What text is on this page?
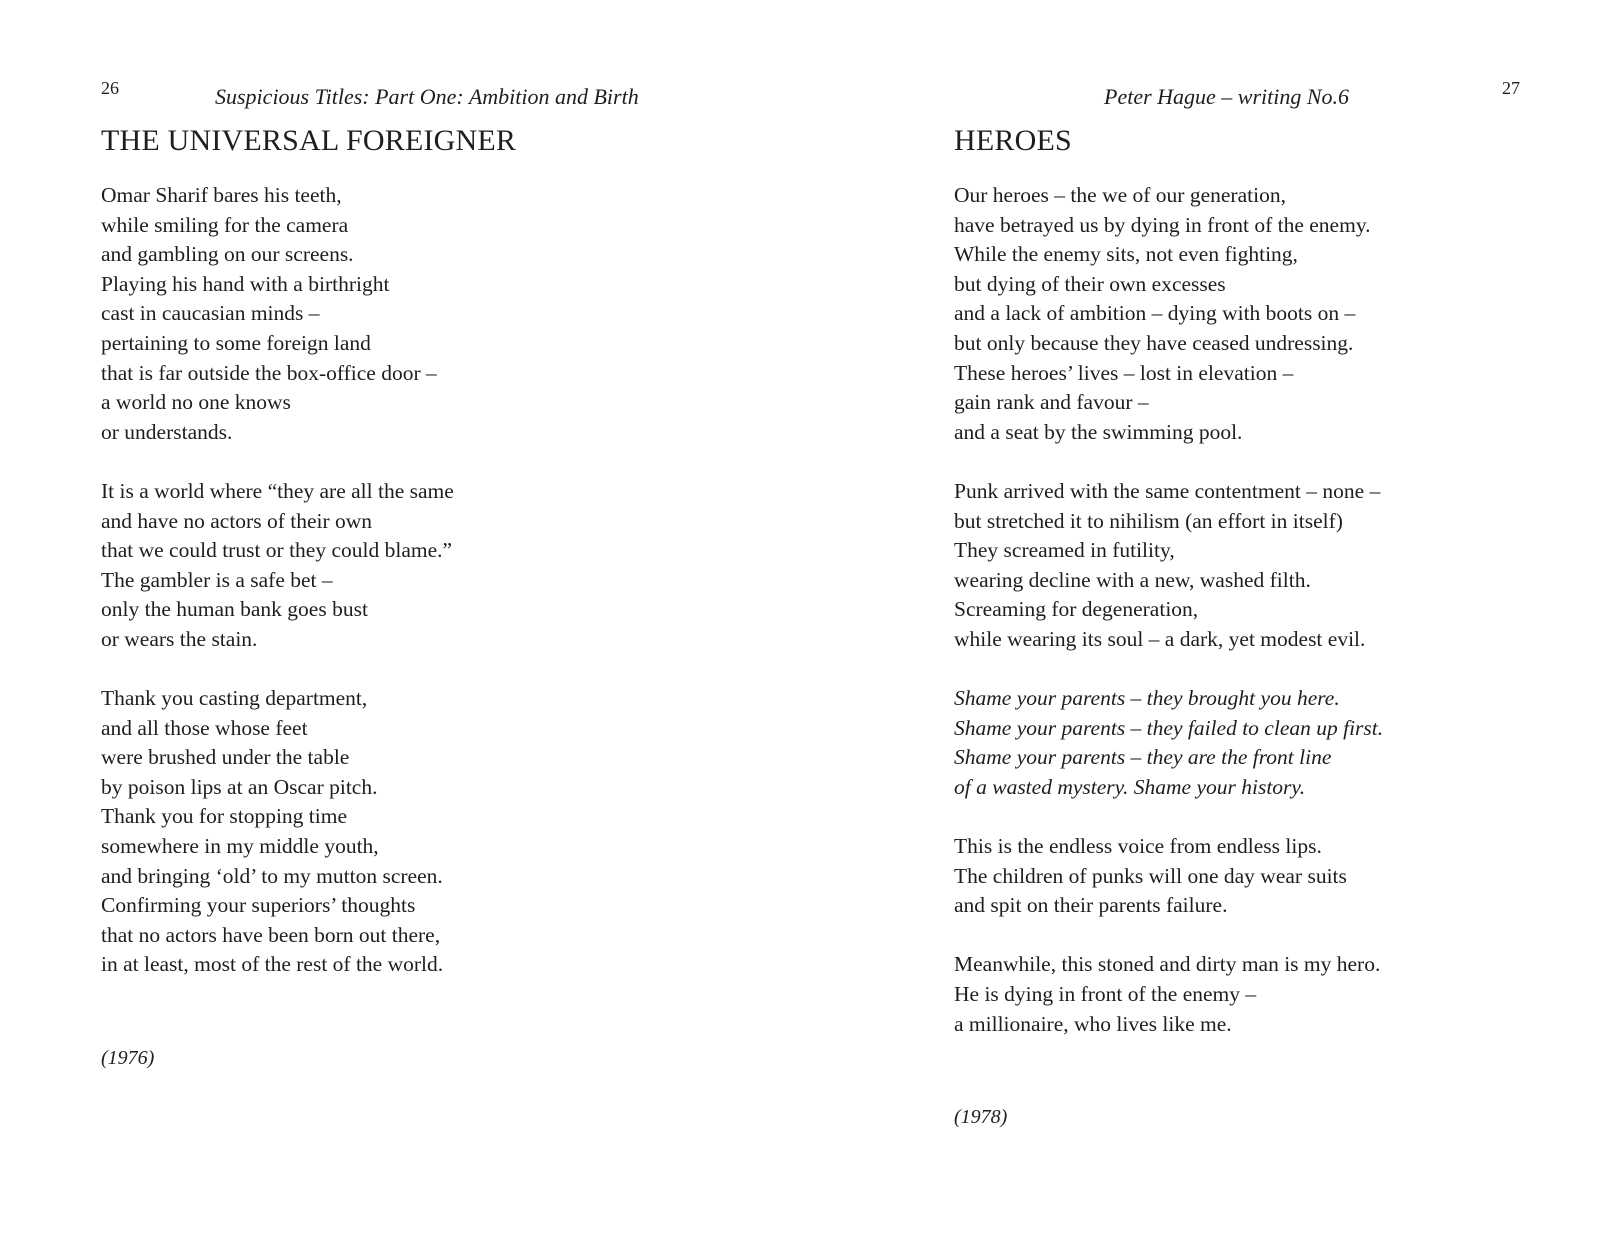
26	Suspicious Titles: Part One: Ambition and Birth
THE UNIVERSAL FOREIGNER
Omar Sharif bares his teeth,
while smiling for the camera
and gambling on our screens.
Playing his hand with a birthright
cast in caucasian minds –
pertaining to some foreign land
that is far outside the box-office door –
a world no one knows
or understands.
It is a world where “they are all the same
and have no actors of their own
that we could trust or they could blame.”
The gambler is a safe bet –
only the human bank goes bust
or wears the stain.
Thank you casting department,
and all those whose feet
were brushed under the table
by poison lips at an Oscar pitch.
Thank you for stopping time
somewhere in my middle youth,
and bringing ‘old’ to my mutton screen.
Confirming your superiors’ thoughts
that no actors have been born out there,
in at least, most of the rest of the world.
(1976)
27
Peter Hague – writing No.6
HEROES
Our heroes – the we of our generation,
have betrayed us by dying in front of the enemy.
While the enemy sits, not even fighting,
but dying of their own excesses
and a lack of ambition – dying with boots on –
but only because they have ceased undressing.
These heroes’ lives – lost in elevation –
gain rank and favour –
and a seat by the swimming pool.
Punk arrived with the same contentment – none –
but stretched it to nihilism (an effort in itself)
They screamed in futility,
wearing decline with a new, washed filth.
Screaming for degeneration,
while wearing its soul – a dark, yet modest evil.
Shame your parents – they brought you here.
Shame your parents – they failed to clean up first.
Shame your parents – they are the front line
of a wasted mystery. Shame your history.
This is the endless voice from endless lips.
The children of punks will one day wear suits
and spit on their parents failure.
Meanwhile, this stoned and dirty man is my hero.
He is dying in front of the enemy –
a millionaire, who lives like me.
(1978)
